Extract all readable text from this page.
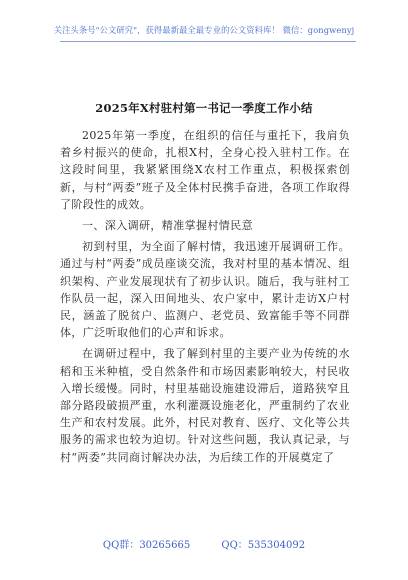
关注头条号"公文研究"，获得最新最全最专业的公文资料库！ 微信：gongwenyj
2025年X村驻村第一书记一季度工作小结

2025年第一季度，在组织的信任与重托下，我肩负着乡村振兴的使命，扎根X村，全身心投入驻村工作。在这段时间里，我紧紧围绕X农村工作重点，积极探索创新，与村“两委”班子及全体村民携手奋进，各项工作取得了阶段性的成效。

一、深入调研，精准掌握村情民意

初到村里，为全面了解村情，我迅速开展调研工作。通过与村“两委”成员座谈交流，我对村里的基本情况、组织架构、产业发展现状有了初步认识。随后，我与驻村工作队员一起，深入田间地头、农户家中，累计走访X户村民，涵盖了脱贫户、监测户、老党员、致富能手等不同群体，广泛听取他们的心声和诉求。

在调研过程中，我了解到村里的主要产业为传统的水稻和玉米种植，受自然条件和市场因素影响较大，村民收入增长缓慢。同时，村里基础设施建设滞后，道路狭窄且部分路段破损严重，水利灌溉设施老化，严重制约了农业生产和农村发展。此外，村民对教育、医疗、文化等公共服务的需求也较为迫切。针对这些问题，我认真记录，与村“两委”共同商讨解决办法，为后续工作的开展奠定了

QQ群：30265665	QQ：535304092
